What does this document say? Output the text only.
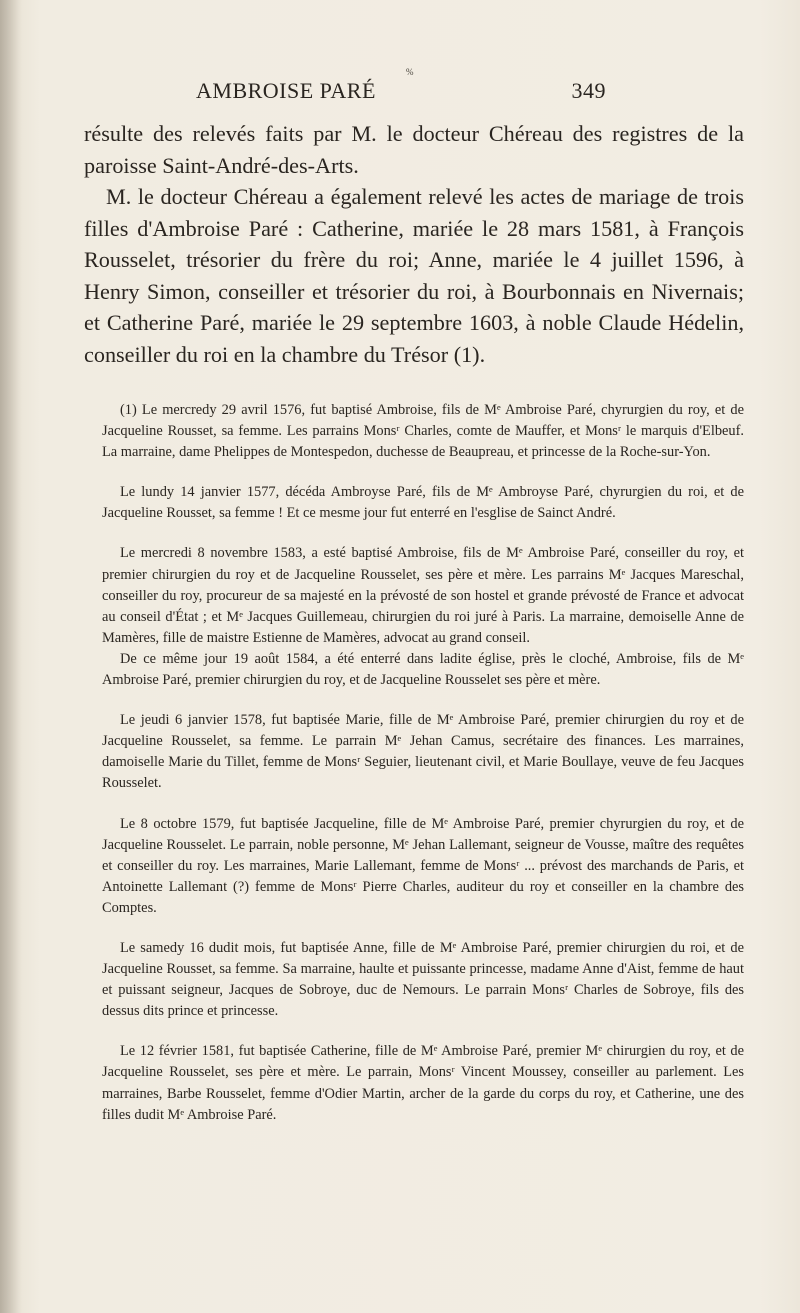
%
AMBROISE PARÉ	349

résulte des relevés faits par M. le docteur Chéreau des registres de la paroisse Saint-André-des-Arts.

M. le docteur Chéreau a également relevé les actes de mariage de trois filles d'Ambroise Paré : Catherine, mariée le 28 mars 1581, à François Rousselet, trésorier du frère du roi; Anne, mariée le 4 juillet 1596, à Henry Simon, conseiller et trésorier du roi, à Bourbonnais en Nivernais; et Catherine Paré, mariée le 29 septembre 1603, à noble Claude Hédelin, conseiller du roi en la chambre du Trésor (1).

(1) Le mercredy 29 avril 1576, fut baptisé Ambroise, fils de Mᵉ Ambroise Paré, chyrurgien du roy, et de Jacqueline Rousset, sa femme. Les parrains Monsʳ Charles, comte de Mauffer, et Monsʳ le marquis d'Elbeuf. La marraine, dame Phelippes de Montespedon, duchesse de Beaupreau, et princesse de la Roche-sur-Yon.

Le lundy 14 janvier 1577, décéda Ambroyse Paré, fils de Mᵉ Ambroyse Paré, chyrurgien du roi, et de Jacqueline Rousset, sa femme ! Et ce mesme jour fut enterré en l'esglise de Sainct André.

Le mercredi 8 novembre 1583, a esté baptisé Ambroise, fils de Mᵉ Ambroise Paré, conseiller du roy, et premier chirurgien du roy et de Jacqueline Rousselet, ses père et mère. Les parrains Mᵉ Jacques Mareschal, conseiller du roy, procureur de sa majesté en la prévosté de son hostel et grande prévosté de France et advocat au conseil d'État ; et Mᵉ Jacques Guillemeau, chirurgien du roi juré à Paris. La marraine, demoiselle Anne de Mamères, fille de maistre Estienne de Mamères, advocat au grand conseil.

De ce même jour 19 août 1584, a été enterré dans ladite église, près le cloché, Ambroise, fils de Mᵉ Ambroise Paré, premier chirurgien du roy, et de Jacqueline Rousselet ses père et mère.

Le jeudi 6 janvier 1578, fut baptisée Marie, fille de Mᵉ Ambroise Paré, premier chirurgien du roy et de Jacqueline Rousselet, sa femme. Le parrain Mᵉ Jehan Camus, secrétaire des finances. Les marraines, damoiselle Marie du Tillet, femme de Monsʳ Seguier, lieutenant civil, et Marie Boullaye, veuve de feu Jacques Rousselet.

Le 8 octobre 1579, fut baptisée Jacqueline, fille de Mᵉ Ambroise Paré, premier chyrurgien du roy, et de Jacqueline Rousselet. Le parrain, noble personne, Mᵉ Jehan Lallemant, seigneur de Vousse, maître des requêtes et conseiller du roy. Les marraines, Marie Lallemant, femme de Monsʳ ... prévost des marchands de Paris, et Antoinette Lallemant (?) femme de Monsʳ Pierre Charles, auditeur du roy et conseiller en la chambre des Comptes.

Le samedy 16 dudit mois, fut baptisée Anne, fille de Mᵉ Ambroise Paré, premier chirurgien du roi, et de Jacqueline Rousset, sa femme. Sa marraine, haulte et puissante princesse, madame Anne d'Aist, femme de haut et puissant seigneur, Jacques de Sobroye, duc de Nemours. Le parrain Monsʳ Charles de Sobroye, fils des dessus dits prince et princesse.

Le 12 février 1581, fut baptisée Catherine, fille de Mᵉ Ambroise Paré, premier Mᵉ chirurgien du roy, et de Jacqueline Rousselet, ses père et mère. Le parrain, Monsʳ Vincent Moussey, conseiller au parlement. Les marraines, Barbe Rousselet, femme d'Odier Martin, archer de la garde du corps du roy, et Catherine, une des filles dudit Mᵉ Ambroise Paré.
